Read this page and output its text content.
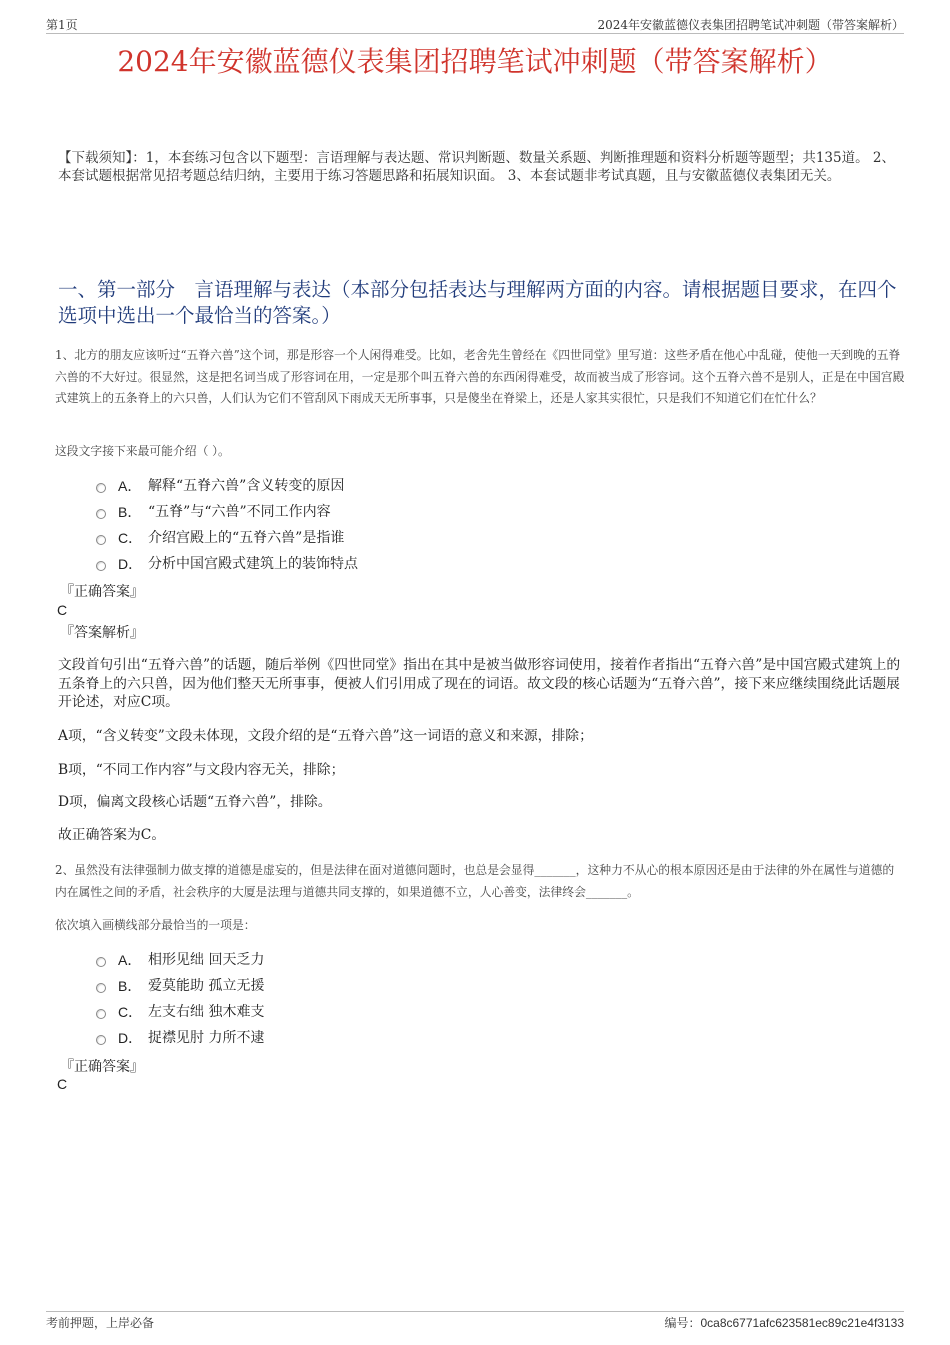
第1页	2024年安徽蓝德仪表集团招聘笔试冲刺题（带答案解析）
2024年安徽蓝德仪表集团招聘笔试冲刺题（带答案解析）
【下载须知】：1，本套练习包含以下题型：言语理解与表达题、常识判断题、数量关系题、判断推理题和资料分析题等题型；共135道。 2、本套试题根据常见招考题总结归纳，主要用于练习答题思路和拓展知识面。 3、本套试题非考试真题，且与安徽蓝德仪表集团无关。
一、第一部分　言语理解与表达（本部分包括表达与理解两方面的内容。请根据题目要求，在四个选项中选出一个最恰当的答案。）
1、北方的朋友应该听过“五脊六兽”这个词，那是形容一个人闲得难受。比如，老舍先生曾经在《四世同堂》里写道：这些矛盾在他心中乱碰，使他一天到晚的五脊六兽的不大好过。很显然，这是把名词当成了形容词在用，一定是那个叫五脊六兽的东西闲得难受，故而被当成了形容词。这个五脊六兽不是别人，正是在中国宫殿式建筑上的五条脊上的六只兽，人们认为它们不管刮风下雨成天无所事事，只是傻坐在脊梁上，还是人家其实很忙，只是我们不知道它们在忙什么？
这段文字接下来最可能介绍（ ）。
A． 解释“五脊六兽”含义转变的原因
B． “五脊”与“六兽”不同工作内容
C． 介绍宫殿上的“五脊六兽”是指谁
D． 分析中国宫殿式建筑上的装饰特点
『正确答案』
C
『答案解析』
文段首句引出“五脊六兽”的话题，随后举例《四世同堂》指出在其中是被当做形容词使用，接着作者指出“五脊六兽”是中国宫殿式建筑上的五条脊上的六只兽，因为他们整天无所事事，便被人们引用成了现在的词语。故文段的核心话题为“五脊六兽”，接下来应继续围绕此话题展开论述，对应C项。
A项，“含义转变”文段未体现，文段介绍的是“五脊六兽”这一词语的意义和来源，排除；
B项，“不同工作内容”与文段内容无关，排除；
D项，偏离文段核心话题“五脊六兽”，排除。
故正确答案为C。
2、虽然没有法律强制力做支撑的道德是虚妄的，但是法律在面对道德问题时，也总是会显得_______，这种力不从心的根本原因还是由于法律的外在属性与道德的内在属性之间的矛盾，社会秩序的大厦是法理与道德共同支撑的，如果道德不立，人心善变，法律终会_______。
依次填入画横线部分最恰当的一项是：
A． 相形见绌 回天乏力
B． 爱莫能助 孤立无援
C． 左支右绌 独木难支
D． 捉襟见肘 力所不逮
『正确答案』
C
考前押题，上岸必备	编号：0ca8c6771afc623581ec89c21e4f3133
